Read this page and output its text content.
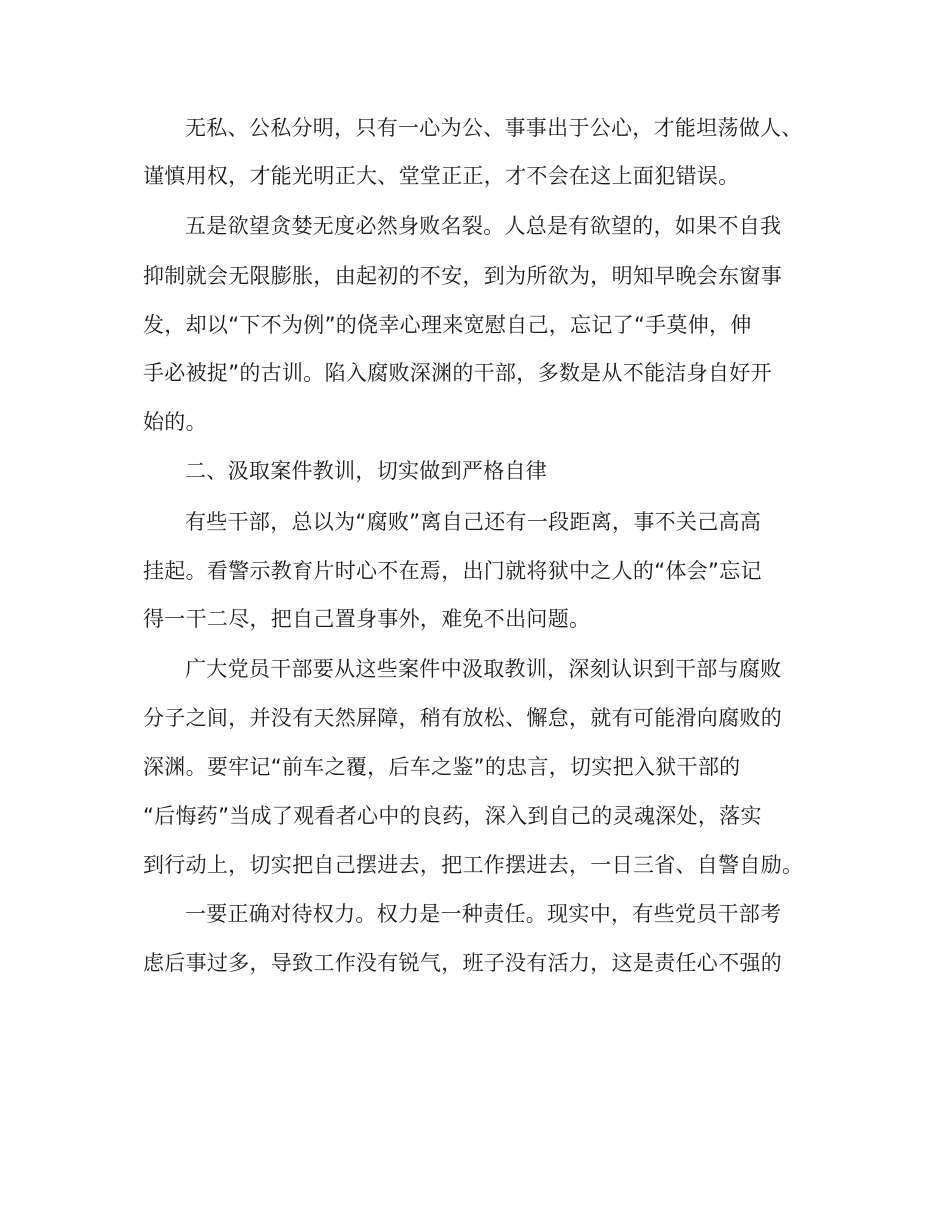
无私、公私分明，只有一心为公、事事出于公心，才能坦荡做人、
谨慎用权，才能光明正大、堂堂正正，才不会在这上面犯错误。
五是欲望贪婪无度必然身败名裂。人总是有欲望的，如果不自我
抑制就会无限膨胀，由起初的不安，到为所欲为，明知早晚会东窗事
发，却以“下不为例”的侥幸心理来宽慰自己，忘记了“手莫伸，伸
手必被捉”的古训。陷入腐败深渊的干部，多数是从不能洁身自好开
始的。
二、汲取案件教训，切实做到严格自律
有些干部，总以为“腐败”离自己还有一段距离，事不关己高高
挂起。看警示教育片时心不在焉，出门就将狱中之人的“体会”忘记
得一干二尽，把自己置身事外，难免不出问题。
广大党员干部要从这些案件中汲取教训，深刻认识到干部与腐败
分子之间，并没有天然屏障，稍有放松、懈怠，就有可能滑向腐败的
深渊。要牢记“前车之覆，后车之鉴”的忠言，切实把入狱干部的
“后悔药”当成了观看者心中的良药，深入到自己的灵魂深处，落实
到行动上，切实把自己摆进去，把工作摆进去，一日三省、自警自励。
一要正确对待权力。权力是一种责任。现实中，有些党员干部考
虑后事过多，导致工作没有锐气，班子没有活力，这是责任心不强的
